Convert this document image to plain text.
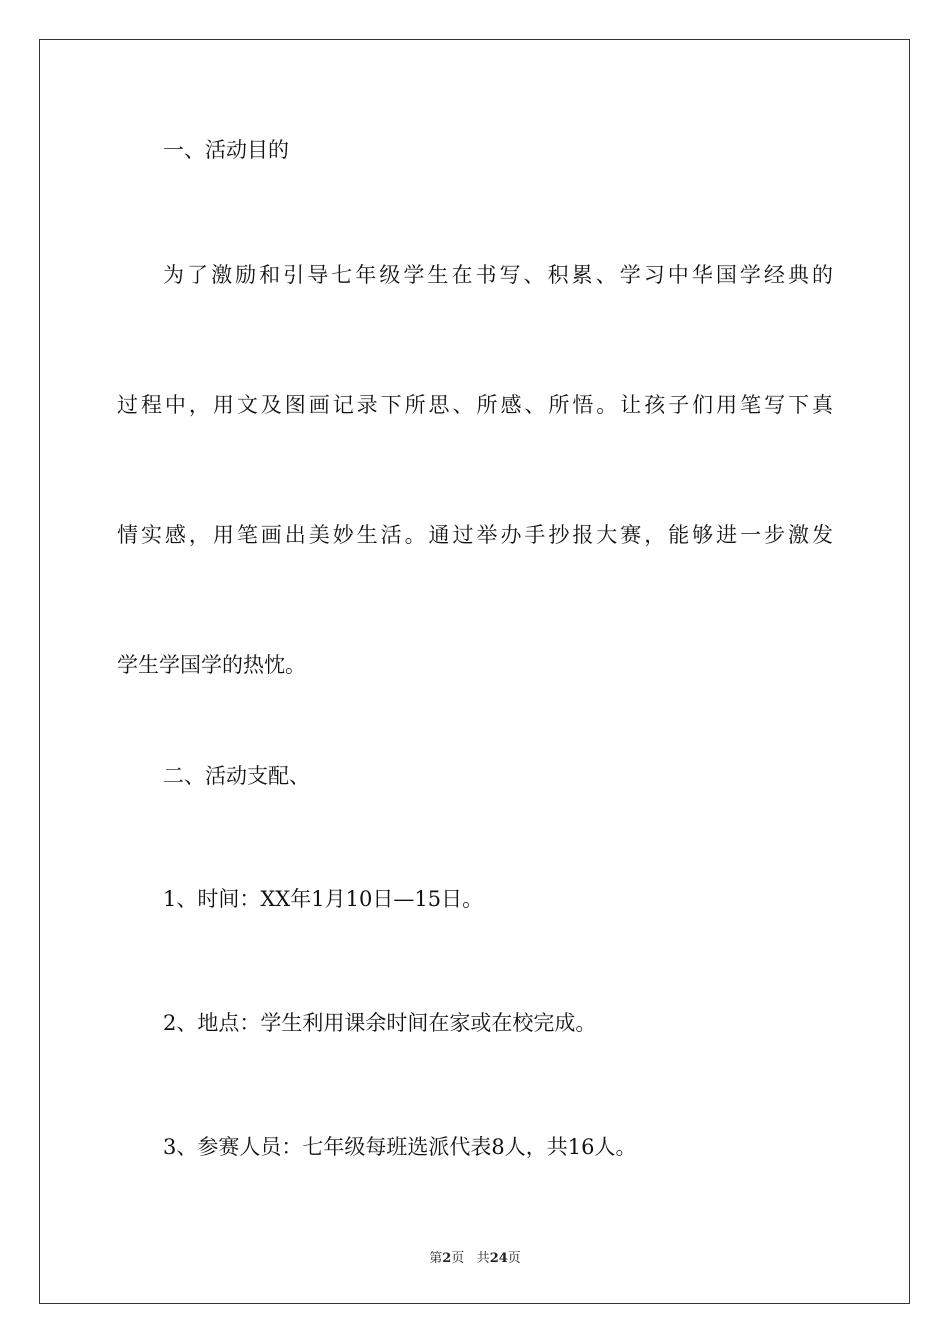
一、活动目的
为了激励和引导七年级学生在书写、积累、学习中华国学经典的
过程中，用文及图画记录下所思、所感、所悟。让孩子们用笔写下真
情实感，用笔画出美妙生活。通过举办手抄报大赛，能够进一步激发
学生学国学的热忱。
二、活动支配、
1、时间：XX年1月10日—15日。
2、地点：学生利用课余时间在家或在校完成。
3、参赛人员：七年级每班选派代表8人，共16人。
第2页 共24页
